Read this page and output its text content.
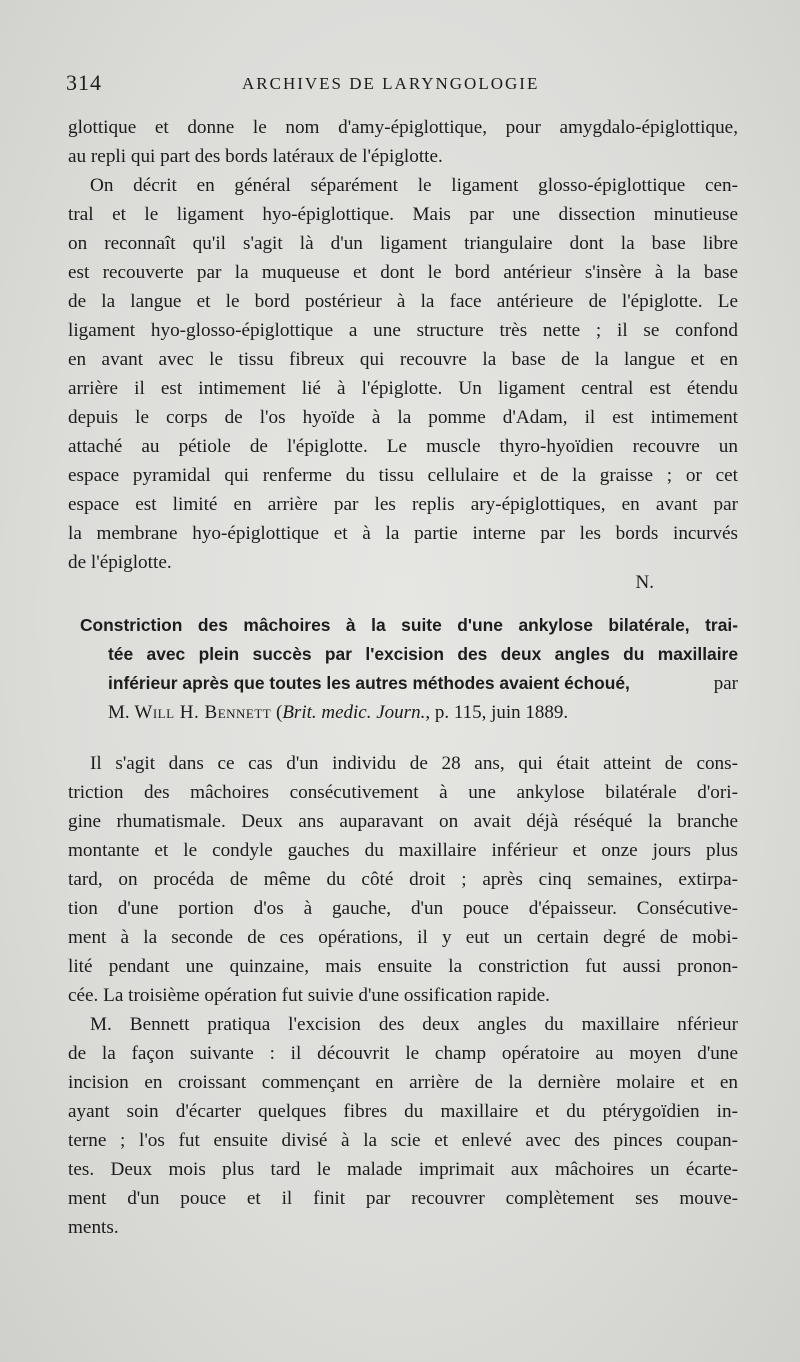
314	ARCHIVES DE LARYNGOLOGIE

glottique et donne le nom d'amy-épiglottique, pour amygdalo-épiglottique,
au repli qui part des bords latéraux de l'épiglotte.

On décrit en général séparément le ligament glosso-épiglottique cen-
tral et le ligament hyo-épiglottique. Mais par une dissection minutieuse
on reconnaît qu'il s'agit là d'un ligament triangulaire dont la base libre
est recouverte par la muqueuse et dont le bord antérieur s'insère à la base
de la langue et le bord postérieur à la face antérieure de l'épiglotte. Le
ligament hyo-glosso-épiglottique a une structure très nette ; il se confond
en avant avec le tissu fibreux qui recouvre la base de la langue et en
arrière il est intimement lié à l'épiglotte. Un ligament central est étendu
depuis le corps de l'os hyoïde à la pomme d'Adam, il est intimement
attaché au pétiole de l'épiglotte. Le muscle thyro-hyoïdien recouvre un
espace pyramidal qui renferme du tissu cellulaire et de la graisse ; or cet
espace est limité en arrière par les replis ary-épiglottiques, en avant par
la membrane hyo-épiglottique et à la partie interne par les bords incurvés
de l'épiglotte.

N.
Constriction des mâchoires à la suite d'une ankylose bilatérale, trai-
tée avec plein succès par l'excision des deux angles du maxillaire
inférieur après que toutes les autres méthodes avaient échoué,	par
M. Will H. Bennett (Brit. medic. Journ., p. 115, juin 1889.

Il s'agit dans ce cas d'un individu de 28 ans, qui était atteint de cons-
triction des mâchoires consécutivement à une ankylose bilatérale d'ori-
gine rhumatismale. Deux ans auparavant on avait déjà réséqué la branche
montante et le condyle gauches du maxillaire inférieur et onze jours plus
tard, on procéda de même du côté droit ; après cinq semaines, extirpa-
tion d'une portion d'os à gauche, d'un pouce d'épaisseur. Consécutive-
ment à la seconde de ces opérations, il y eut un certain degré de mobi-
lité pendant une quinzaine, mais ensuite la constriction fut aussi pronon-
cée. La troisième opération fut suivie d'une ossification rapide.

M. Bennett pratiqua l'excision des deux angles du maxillaire nférieur
de la façon suivante : il découvrit le champ opératoire au moyen d'une
incision en croissant commençant en arrière de la dernière molaire et en
ayant soin d'écarter quelques fibres du maxillaire et du ptérygoïdien in-
terne ; l'os fut ensuite divisé à la scie et enlevé avec des pinces coupan-
tes. Deux mois plus tard le malade imprimait aux mâchoires un écarte-
ment d'un pouce et il finit par recouvrer complètement ses mouve-
ments.
